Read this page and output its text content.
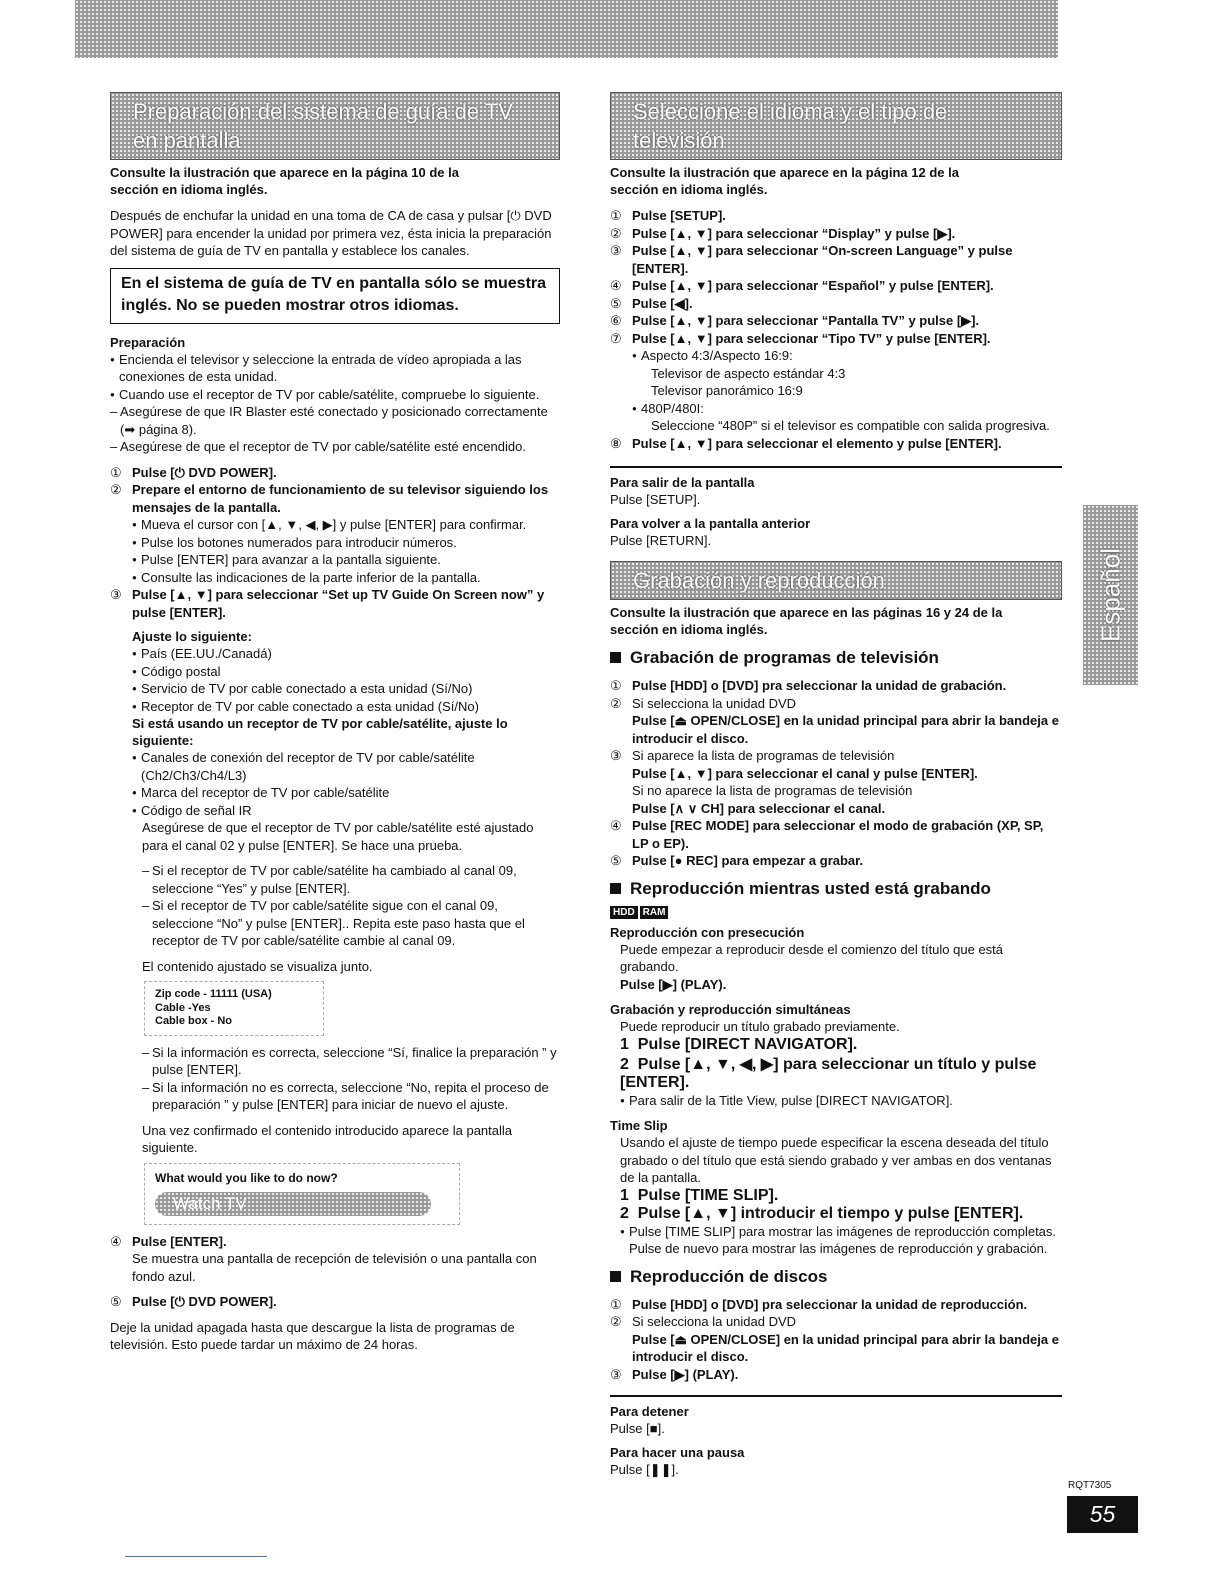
Preparación del sistema de guía de TV
en pantalla
Consulte la ilustración que aparece en la página 10 de la
sección en idioma inglés.

Después de enchufar la unidad en una toma de CA de casa y pulsar [⏻ DVD POWER] para encender la unidad por primera vez, ésta inicia la preparación del sistema de guía de TV en pantalla y establece los canales.

En el sistema de guía de TV en pantalla sólo se muestra inglés. No se pueden mostrar otros idiomas.
Preparación
● Encienda el televisor y seleccione la entrada de vídeo apropiada a las conexiones de esta unidad.
● Cuando use el receptor de TV por cable/satélite, compruebe lo siguiente.
– Asegúrese de que IR Blaster esté conectado y posicionado correctamente (➡ página 8).
– Asegúrese de que el receptor de TV por cable/satélite esté encendido.
① Pulse [⏻ DVD POWER].
② Prepare el entorno de funcionamiento de su televisor siguiendo los mensajes de la pantalla.
● Mueva el cursor con [▲, ▼, ◀, ▶] y pulse [ENTER] para confirmar.
● Pulse los botones numerados para introducir números.
● Pulse [ENTER] para avanzar a la pantalla siguiente.
● Consulte las indicaciones de la parte inferior de la pantalla.
③ Pulse [▲, ▼] para seleccionar “Set up TV Guide On Screen now” y pulse [ENTER].
Ajuste lo siguiente:
● País (EE.UU./Canadá)
● Código postal
● Servicio de TV por cable conectado a esta unidad (Sí/No)
● Receptor de TV por cable conectado a esta unidad (Sí/No)
Si está usando un receptor de TV por cable/satélite, ajuste lo siguiente:
● Canales de conexión del receptor de TV por cable/satélite (Ch2/Ch3/Ch4/L3)
● Marca del receptor de TV por cable/satélite
● Código de señal IR

Asegúrese de que el receptor de TV por cable/satélite esté ajustado para el canal 02 y pulse [ENTER]. Se hace una prueba.

– Si el receptor de TV por cable/satélite ha cambiado al canal 09, seleccione “Yes” y pulse [ENTER].
– Si el receptor de TV por cable/satélite sigue con el canal 09, seleccione “No” y pulse [ENTER].. Repita este paso hasta que el receptor de TV por cable/satélite cambie al canal 09.

El contenido ajustado se visualiza junto.

Zip code - 11111 (USA)
Cable -Yes
Cable box - No
– Si la información es correcta, seleccione “Sí, finalice la preparación ” y pulse [ENTER].
– Si la información no es correcta, seleccione “No, repita el proceso de preparación ” y pulse [ENTER] para iniciar de nuevo el ajuste.

Una vez confirmado el contenido introducido aparece la pantalla siguiente.

What would you like to do now?
Watch TV
④ Pulse [ENTER].

Se muestra una pantalla de recepción de televisión o una pantalla con fondo azul.

⑤ Pulse [⏻ DVD POWER].

Deje la unidad apagada hasta que descargue la lista de programas de televisión. Esto puede tardar un máximo de 24 horas.

Seleccione el idioma y el tipo de
televisión
Consulte la ilustración que aparece en la página 12 de la
sección en idioma inglés.
① Pulse [SETUP].
② Pulse [▲, ▼] para seleccionar “Display” y pulse [▶].
③ Pulse [▲, ▼] para seleccionar “On-screen Language” y pulse [ENTER].
④ Pulse [▲, ▼] para seleccionar “Español” y pulse [ENTER].
⑤ Pulse [◀].
⑥ Pulse [▲, ▼] para seleccionar “Pantalla TV” y pulse [▶].
⑦ Pulse [▲, ▼] para seleccionar “Tipo TV” y pulse [ENTER].
● Aspecto 4:3/Aspecto 16:9:
Televisor de aspecto estándar 4:3
Televisor panorámico 16:9
● 480P/480I:
Seleccione “480P” si el televisor es compatible con salida progresiva.
⑧ Pulse [▲, ▼] para seleccionar el elemento y pulse [ENTER].
Para salir de la pantalla

Pulse [SETUP].

Para volver a la pantalla anterior

Pulse [RETURN].

Grabación y reproducción
Consulte la ilustración que aparece en las páginas 16 y 24 de la
sección en idioma inglés.
Grabación de programas de televisión
① Pulse [HDD] o [DVD] pra seleccionar la unidad de grabación.
② Si selecciona la unidad DVD
Pulse [⏏ OPEN/CLOSE] en la unidad principal para abrir la bandeja e introducir el disco.
③ Si aparece la lista de programas de televisión
Pulse [▲, ▼] para seleccionar el canal y pulse [ENTER].
Si no aparece la lista de programas de televisión
Pulse [∧ ∨ CH] para seleccionar el canal.
④ Pulse [REC MODE] para seleccionar el modo de grabación (XP, SP, LP o EP).
⑤ Pulse [● REC] para empezar a grabar.
Reproducción mientras usted está grabando
HDD RAM
Reproducción con presecución

Puede empezar a reproducir desde el comienzo del título que está grabando.

Pulse [▶] (PLAY).

Grabación y reproducción simultáneas

Puede reproducir un título grabado previamente.

1 Pulse [DIRECT NAVIGATOR].
2 Pulse [▲, ▼, ◀, ▶] para seleccionar un título y pulse [ENTER].
● Para salir de la Title View, pulse [DIRECT NAVIGATOR].
Time Slip

Usando el ajuste de tiempo puede especificar la escena deseada del título grabado o del título que está siendo grabado y ver ambas en dos ventanas de la pantalla.

1 Pulse [TIME SLIP].
2 Pulse [▲, ▼] introducir el tiempo y pulse [ENTER].
● Pulse [TIME SLIP] para mostrar las imágenes de reproducción completas. Pulse de nuevo para mostrar las imágenes de reproducción y grabación.
Reproducción de discos
① Pulse [HDD] o [DVD] pra seleccionar la unidad de reproducción.
② Si selecciona la unidad DVD
Pulse [⏏ OPEN/CLOSE] en la unidad principal para abrir la bandeja e introducir el disco.
③ Pulse [▶] (PLAY).
Para detener

Pulse [■].

Para hacer una pausa

Pulse [❚❚].

Español
RQT7305
55
